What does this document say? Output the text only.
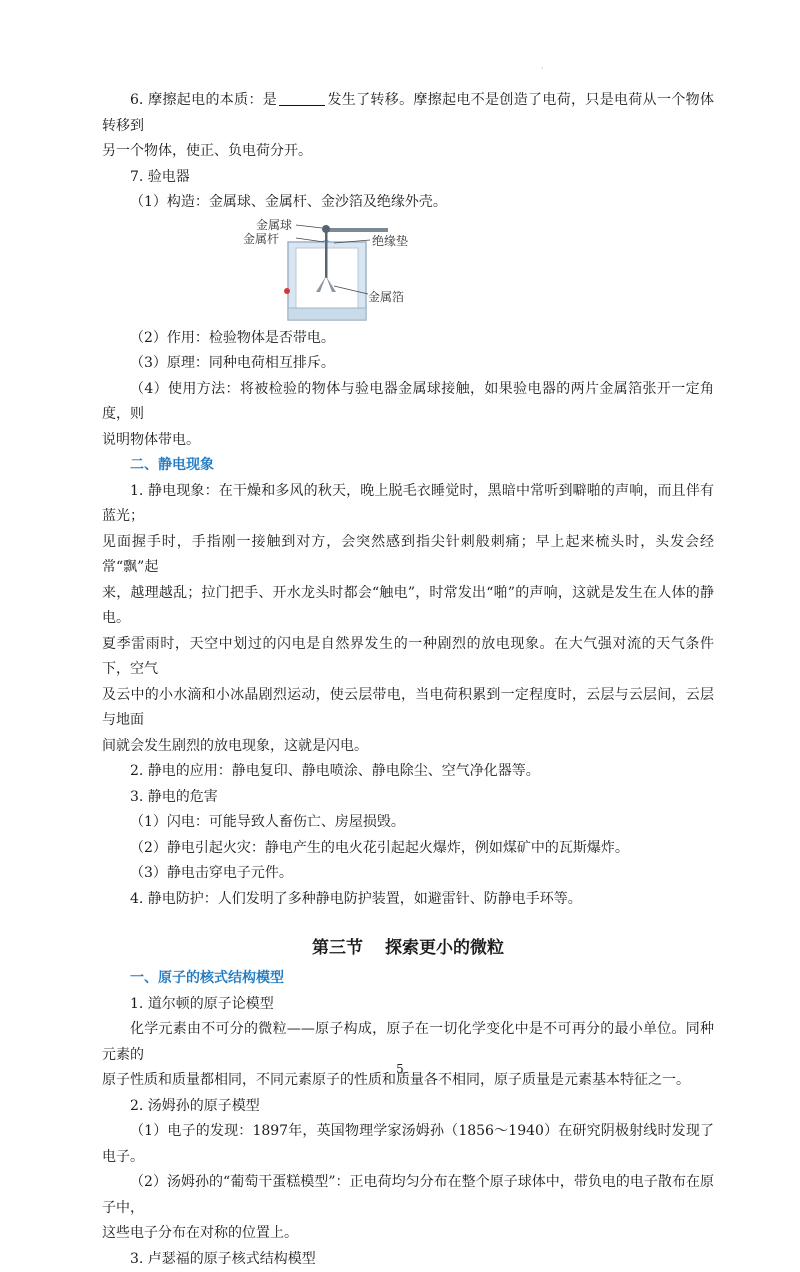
·

6. 摩擦起电的本质：是	发生了转移。摩擦起电不是创造了电荷，只是电荷从一个物体转移到

另一个物体，使正、负电荷分开。

7. 验电器

（1）构造：金属球、金属杆、金沙箔及绝缘外壳。

金属球
金属杆	绝缘垫
金属箔

（2）作用：检验物体是否带电。

（3）原理：同种电荷相互排斥。

（4）使用方法：将被检验的物体与验电器金属球接触，如果验电器的两片金属箔张开一定角度，则

说明物体带电。

二、静电现象

1. 静电现象：在干燥和多风的秋天，晚上脱毛衣睡觉时，黑暗中常听到噼啪的声响，而且伴有蓝光；

见面握手时，手指刚一接触到对方，会突然感到指尖针刺般刺痛；早上起来梳头时，头发会经常“飘”起

来，越理越乱；拉门把手、开水龙头时都会“触电”，时常发出“啪”的声响，这就是发生在人体的静电。

夏季雷雨时，天空中划过的闪电是自然界发生的一种剧烈的放电现象。在大气强对流的天气条件下，空气

及云中的小水滴和小冰晶剧烈运动，使云层带电，当电荷积累到一定程度时，云层与云层间，云层与地面

间就会发生剧烈的放电现象，这就是闪电。

2. 静电的应用：静电复印、静电喷涂、静电除尘、空气净化器等。

3. 静电的危害

（1）闪电：可能导致人畜伤亡、房屋损毁。

（2）静电引起火灾：静电产生的电火花引起起火爆炸，例如煤矿中的瓦斯爆炸。

（3）静电击穿电子元件。

4. 静电防护：人们发明了多种静电防护装置，如避雷针、防静电手环等。

第三节 探索更小的微粒

一、原子的核式结构模型

1. 道尔顿的原子论模型

化学元素由不可分的微粒——原子构成，原子在一切化学变化中是不可再分的最小单位。同种元素的

原子性质和质量都相同，不同元素原子的性质和质量各不相同，原子质量是元素基本特征之一。

2. 汤姆孙的原子模型

（1）电子的发现：1897年，英国物理学家汤姆孙（1856～1940）在研究阴极射线时发现了电子。

（2）汤姆孙的“葡萄干蛋糕模型”：正电荷均匀分布在整个原子球体中，带负电的电子散布在原子中，

这些电子分布在对称的位置上。

3. 卢瑟福的原子核式结构模型

5
